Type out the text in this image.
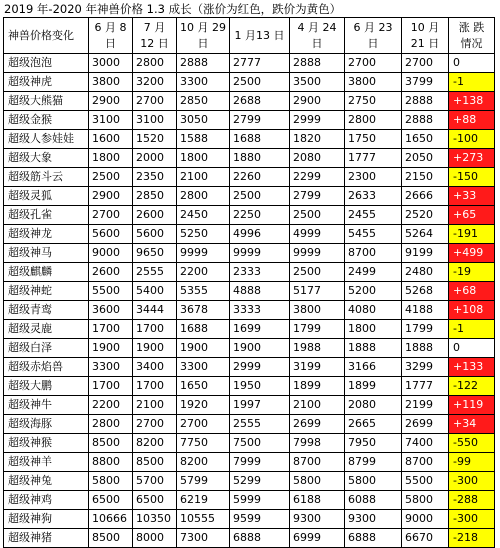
2019 年-2020 年神兽价格 1.3 成长（涨价为红色，跌价为黄色）
神兽价格变化	6 月 8 日	7 月 12 日	10 月 29 日	1 月13 日	4 月 24 日	6 月 23 日	10 月21 日	涨 跌 情况
超级泡泡	3000	2800	2888	2777	2888	2700	2700	0
超级神虎	3800	3200	3300	2500	3500	3800	3799	-1
超级大熊猫	2900	2700	2850	2688	2900	2750	2888	+138
超级金猴	3100	3100	3050	2799	2999	2800	2888	+88
超级人参娃娃	1600	1520	1588	1688	1820	1750	1650	-100
超级大象	1800	2000	1800	1880	2080	1777	2050	+273
超级筋斗云	2500	2350	2100	2260	2299	2300	2150	-150
超级灵狐	2900	2850	2800	2500	2799	2633	2666	+33
超级孔雀	2700	2600	2450	2250	2500	2455	2520	+65
超级神龙	5600	5600	5250	4996	4999	5455	5264	-191
超级神马	9000	9650	9999	9999	9999	8700	9199	+499
超级麒麟	2600	2555	2200	2333	2500	2499	2480	-19
超级神蛇	5500	5400	5355	4888	5177	5200	5268	+68
超级青鸾	3600	3444	3678	3333	3800	4080	4188	+108
超级灵鹿	1700	1700	1688	1699	1799	1800	1799	-1
超级白泽	1900	1900	1900	1900	1988	1888	1888	0
超级赤焰兽	3300	3400	3300	2999	3199	3166	3299	+133
超级大鹏	1700	1700	1650	1950	1899	1899	1777	-122
超级神牛	2200	2100	1920	1997	2100	2080	2199	+119
超级海豚	2800	2700	2700	2555	2699	2665	2699	+34
超级神猴	8500	8200	7750	7500	7998	7950	7400	-550
超级神羊	8800	8500	8200	7999	8700	8799	8700	-99
超级神兔	5800	5700	5799	5299	5800	5800	5500	-300
超级神鸡	6500	6500	6219	5999	6188	6088	5800	-288
超级神狗	10666	10350	10555	9599	9300	9300	9000	-300
超级神猪	8500	8000	7300	6888	6999	6888	6670	-218
